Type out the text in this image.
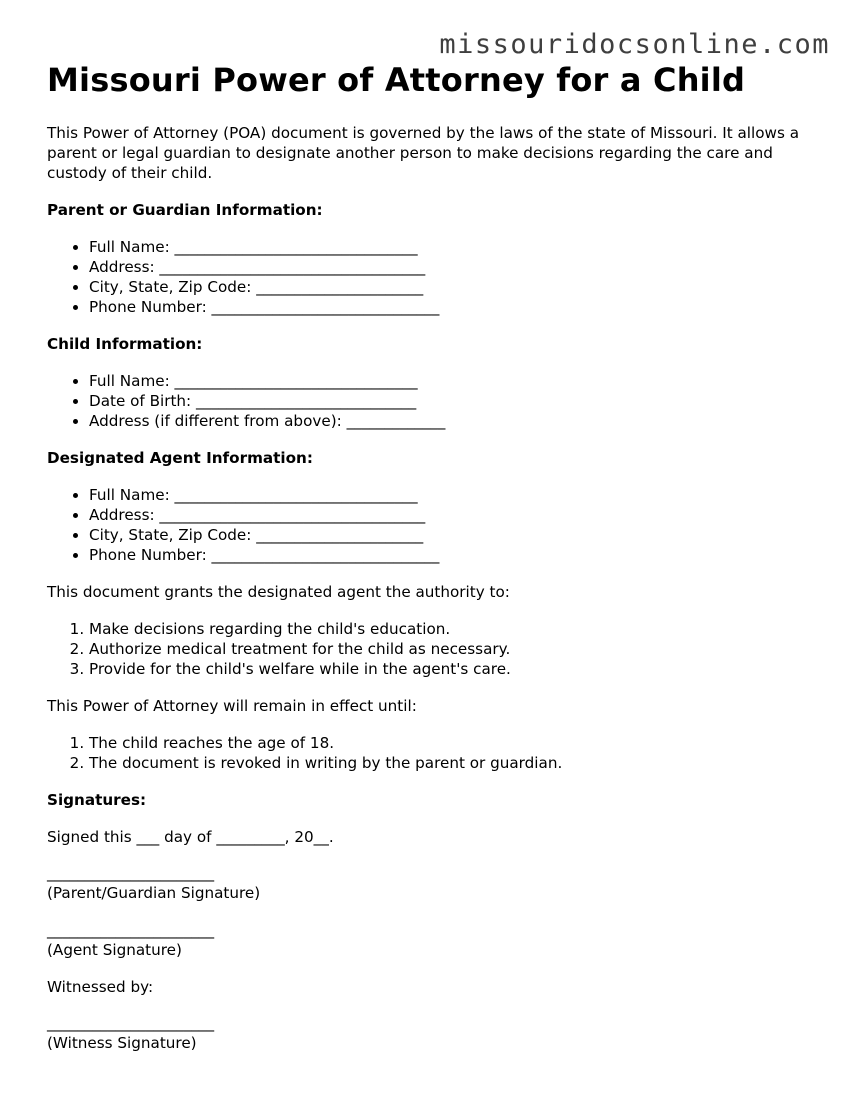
missouridocsonline.com
Missouri Power of Attorney for a Child

This Power of Attorney (POA) document is governed by the laws of the state of Missouri. It allows a parent or legal guardian to designate another person to make decisions regarding the care and custody of their child.

Parent or Guardian Information:
• Full Name: ________________________________
• Address: ___________________________________
• City, State, Zip Code: ______________________
• Phone Number: ______________________________
Child Information:
• Full Name: ________________________________
• Date of Birth: _____________________________
• Address (if different from above): _____________
Designated Agent Information:
• Full Name: ________________________________
• Address: ___________________________________
• City, State, Zip Code: ______________________
• Phone Number: ______________________________

This document grants the designated agent the authority to:

1. Make decisions regarding the child's education.
2. Authorize medical treatment for the child as necessary.
3. Provide for the child's welfare while in the agent's care.

This Power of Attorney will remain in effect until:

1. The child reaches the age of 18.
2. The document is revoked in writing by the parent or guardian.
Signatures:

Signed this ___ day of _________, 20__.

______________________
(Parent/Guardian Signature)
______________________
(Agent Signature)

Witnessed by:

______________________
(Witness Signature)
